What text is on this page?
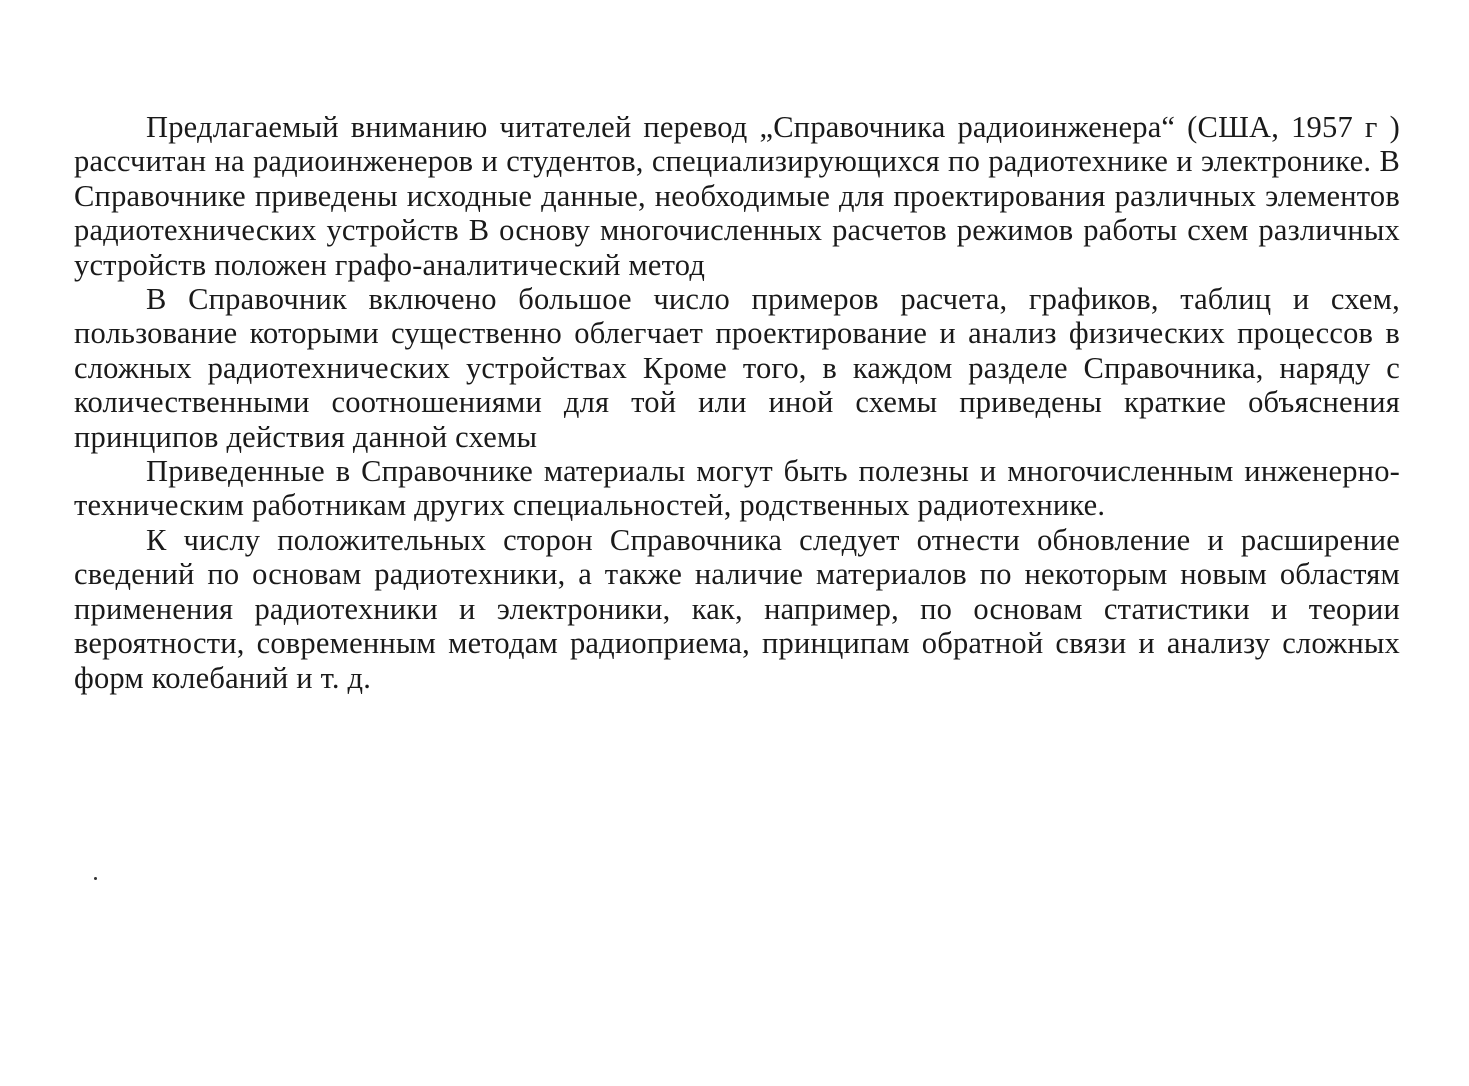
Предлагаемый вниманию читателей перевод „Справочника радиоинженера“ (США, 1957 г ) рассчитан на радиоинженеров и студентов, специализирующихся по радиотехнике и электронике. В Справочнике приведены исходные данные, необходимые для проектирования различных элементов радиотехнических устройств В основу многочисленных расчетов режимов работы схем различных устройств положен графо-аналитический метод

В Справочник включено большое число примеров расчета, графиков, таблиц и схем, пользование которыми существенно облегчает проектирование и анализ физических процессов в сложных радиотехнических устройствах Кроме того, в каждом разделе Справочника, наряду с количественными соотношениями для той или иной схемы приведены краткие объяснения принципов действия данной схемы

Приведенные в Справочнике материалы могут быть полезны и многочисленным инженерно-техническим работникам других специальностей, родственных радиотехнике.

К числу положительных сторон Справочника следует отнести обновление и расширение сведений по основам радиотехники, а также наличие материалов по некоторым новым областям применения радиотехники и электроники, как, например, по основам статистики и теории вероятности, современным методам радиоприема, принципам обратной связи и анализу сложных форм колебаний и т. д.
